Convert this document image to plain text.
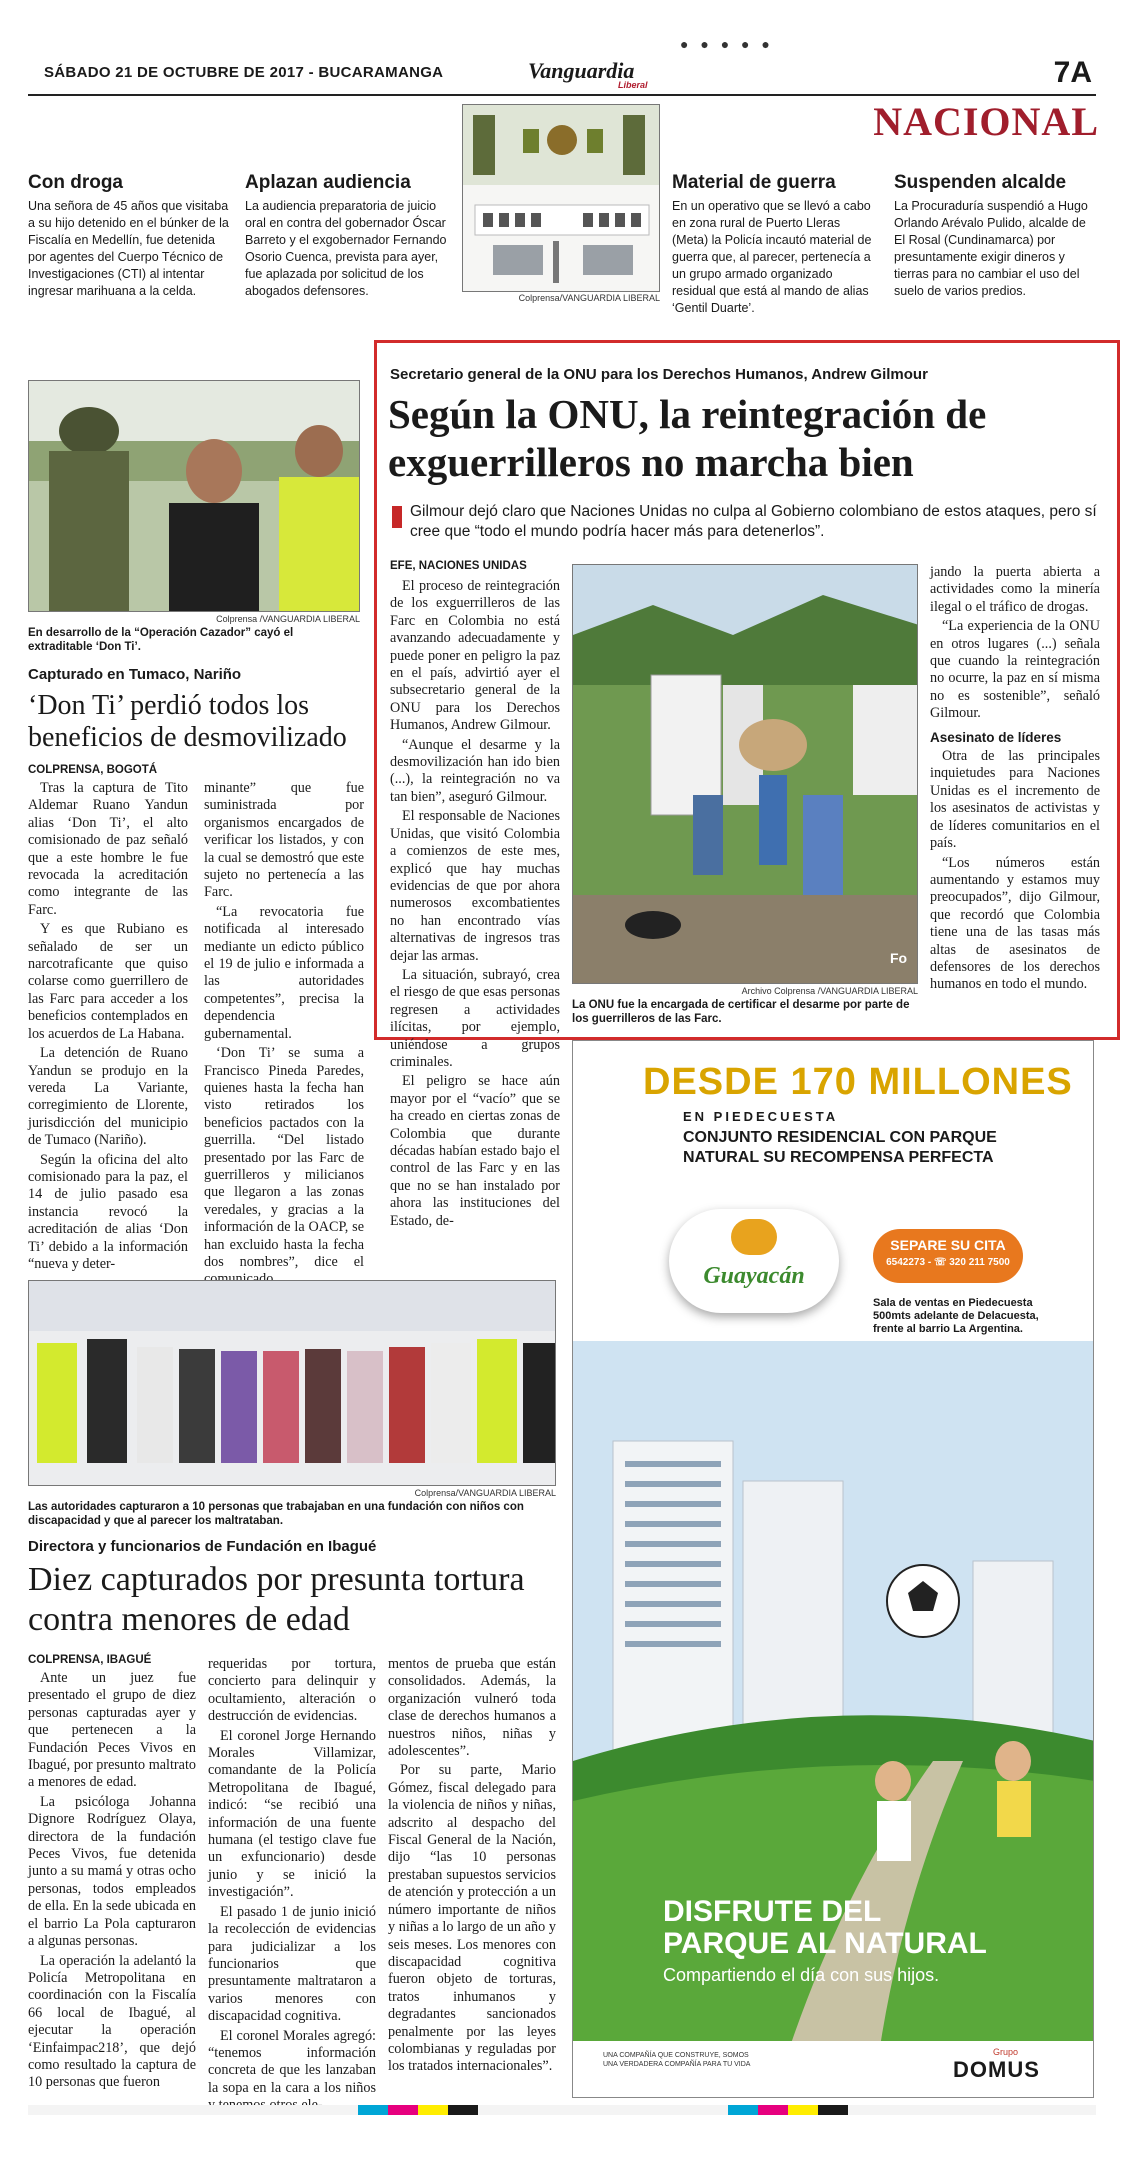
● ● ● ● ●
SÁBADO 21 DE OCTUBRE DE 2017 - BUCARAMANGA	Vanguardia
Liberal	7A
NACIONAL
Con droga
Una señora de 45 años que visitaba a su hijo detenido en el búnker de la Fiscalía en Medellín, fue detenida por agentes del Cuerpo Técnico de Investigaciones (CTI) al intentar ingresar marihuana a la celda.
Aplazan audiencia
La audiencia preparatoria de juicio oral en contra del gobernador Óscar Barreto y el exgobernador Fernando Osorio Cuenca, prevista para ayer, fue aplazada por solicitud de los abogados defensores.	Colprensa/VANGUARDIA LIBERAL
Material de guerra
En un operativo que se llevó a cabo en zona rural de Puerto Lleras (Meta) la Policía incautó material de guerra que, al parecer, pertenecía a un grupo armado organizado residual que está al mando de alias ‘Gentil Duarte’.
Suspenden alcalde
La Procuraduría suspendió a Hugo Orlando Arévalo Pulido, alcalde de El Rosal (Cundinamarca) por presuntamente exigir dineros y tierras para no cambiar el uso del suelo de varios predios.
Colprensa /VANGUARDIA LIBERAL
En desarrollo de la “Operación Cazador” cayó el extraditable ‘Don Ti’.
Capturado en Tumaco, Nariño
‘Don Ti’ perdió todos los beneficios de desmovilizado
COLPRENSA, BOGOTÁ

Tras la captura de Tito Aldemar Ruano Yandun alias ‘Don Ti’, el alto comisionado de paz señaló que a este hombre le fue revocada la acreditación como integrante de las Farc.

Y es que Rubiano es señalado de ser un narcotraficante que quiso colarse como guerrillero de las Farc para acceder a los beneficios contemplados en los acuerdos de La Habana.

La detención de Ruano Yandun se produjo en la vereda La Variante, corregimiento de Llorente, jurisdicción del municipio de Tumaco (Nariño).

Según la oficina del alto comisionado para la paz, el 14 de julio pasado esa instancia revocó la acreditación de alias ‘Don Ti’ debido a la información “nueva y deter-

minante” que fue suministrada por organismos encargados de verificar los listados, y con la cual se demostró que este sujeto no pertenecía a las Farc.

“La revocatoria fue notificada al interesado mediante un edicto público el 19 de julio e informada a las autoridades competentes”, precisa la dependencia gubernamental.

‘Don Ti’ se suma a Francisco Pineda Paredes, quienes hasta la fecha han visto retirados los beneficios pactados con la guerrilla. “Del listado presentado por las Farc de guerrilleros y milicianos que llegaron a las zonas veredales, y gracias a la información de la OACP, se han excluido hasta la fecha dos nombres”, dice el

Secretario general de la ONU para los Derechos Humanos, Andrew Gilmour
Según la ONU, la reintegración de exguerrilleros no marcha bien
Gilmour dejó claro que Naciones Unidas no culpa al Gobierno colombiano de estos ataques, pero sí cree que “todo el mundo podría hacer más para detenerlos”.
EFE, NACIONES UNIDAS

El proceso de reintegración de los exguerrilleros de las Farc en Colombia no está avanzando adecuadamente y puede poner en peligro la paz en el país, advirtió ayer el subsecretario general de la ONU para los Derechos Humanos, Andrew Gilmour.

“Aunque el desarme y la desmovilización han ido bien (...), la reintegración no va tan bien”, aseguró Gilmour.

El responsable de Naciones Unidas, que visitó Colombia a comienzos de este mes, explicó que hay muchas evidencias de que por ahora numerosos excombatientes no han encontrado vías alternativas de ingresos tras dejar las armas.

La situación, subrayó, crea el riesgo de que esas personas regresen a actividades ilícitas, por ejemplo, uniéndose a grupos criminales.

El peligro se hace aún mayor por el “vacío” que se ha creado en ciertas zonas de Colombia que durante décadas habían estado bajo el control de las Farc y en las que no se han instalado por ahora las instituciones del Estado, de-

Fo
Archivo Colprensa /VANGUARDIA LIBERAL
La ONU fue la encargada de certificar el desarme por parte de los guerrilleros de las Farc.

jando la puerta abierta a actividades como la minería ilegal o el tráfico de drogas.

“La experiencia de la ONU en otros lugares (...) señala que cuando la reintegración no ocurre, la paz en sí misma no es sostenible”, señaló Gilmour.

Asesinato de líderes

Otra de las principales inquietudes para Naciones Unidas es el incremento de los asesinatos de activistas y de líderes comunitarios en el país.

“Los números están aumentando y estamos muy preocupados”, dijo Gilmour, que recordó que Colombia tiene una de las tasas más altas de asesinatos de defensores de los derechos humanos en todo el mundo.

Colprensa/VANGUARDIA LIBERAL
Las autoridades capturaron a 10 personas que trabajaban en una fundación con niños con discapacidad y que al parecer los maltrataban.
Directora y funcionarios de Fundación en Ibagué
Diez capturados por presunta tortura contra menores de edad
COLPRENSA, IBAGUÉ

Ante un juez fue presentado el grupo de diez personas capturadas ayer y que pertenecen a la Fundación Peces Vivos en Ibagué, por presunto maltrato a menores de edad.

La psicóloga Johanna Dignore Rodríguez Olaya, directora de la fundación Peces Vivos, fue detenida junto a su mamá y otras ocho personas, todos empleados de ella. En la sede ubicada en el barrio La Pola capturaron a algunas personas.

La operación la adelantó la Policía Metropolitana en coordinación con la Fiscalía 66 local de Ibagué, al ejecutar la operación ‘Einfaimpac218’, que dejó como resultado la captura de 10 personas que fueron

requeridas por tortura, concierto para delinquir y ocultamiento, alteración o destrucción de evidencias.

El coronel Jorge Hernando Morales Villamizar, comandante de la Policía Metropolitana de Ibagué, indicó: “se recibió una información de una fuente humana (el testigo clave fue un exfuncionario) desde junio y se inició la investigación”.

El pasado 1 de junio inició la recolección de evidencias para judicializar a los funcionarios que presuntamente maltrataron a varios menores con discapacidad cognitiva.

El coronel Morales agregó: “tenemos información concreta de que les lanzaban la sopa en la cara a los niños

mentos de prueba que están consolidados. Además, la organización vulneró toda clase de derechos humanos a nuestros niños, niñas y adolescentes”.

Por su parte, Mario Gómez, fiscal delegado para la violencia de niños y niñas, adscrito al despacho del Fiscal General de la Nación, dijo “las 10 personas prestaban supuestos servicios de atención y protección a un número importante de niños y niñas a lo largo de un año y seis meses. Los menores con discapacidad cognitiva fueron objeto de torturas, tratos inhumanos y degradantes sancionados penalmente por las leyes colombianas y reguladas por los tratados internacionales”.

DESDE 170 MILLONES
EN PIEDECUESTA
CONJUNTO RESIDENCIAL CON PARQUE
NATURAL SU RECOMPENSA PERFECTA
Guayacán
SEPARE SU CITA
6542273 - ☏ 320 211 7500
Sala de ventas en Piedecuesta
500mts adelante de Delacuesta,
frente al barrio La Argentina.
DISFRUTE DEL
PARQUE AL NATURAL
Compartiendo el día con sus hijos.
UNA COMPAÑÍA QUE CONSTRUYE, SOMOS UNA VERDADERA COMPAÑÍA PARA TU VIDA
Grupo
DOMUS
